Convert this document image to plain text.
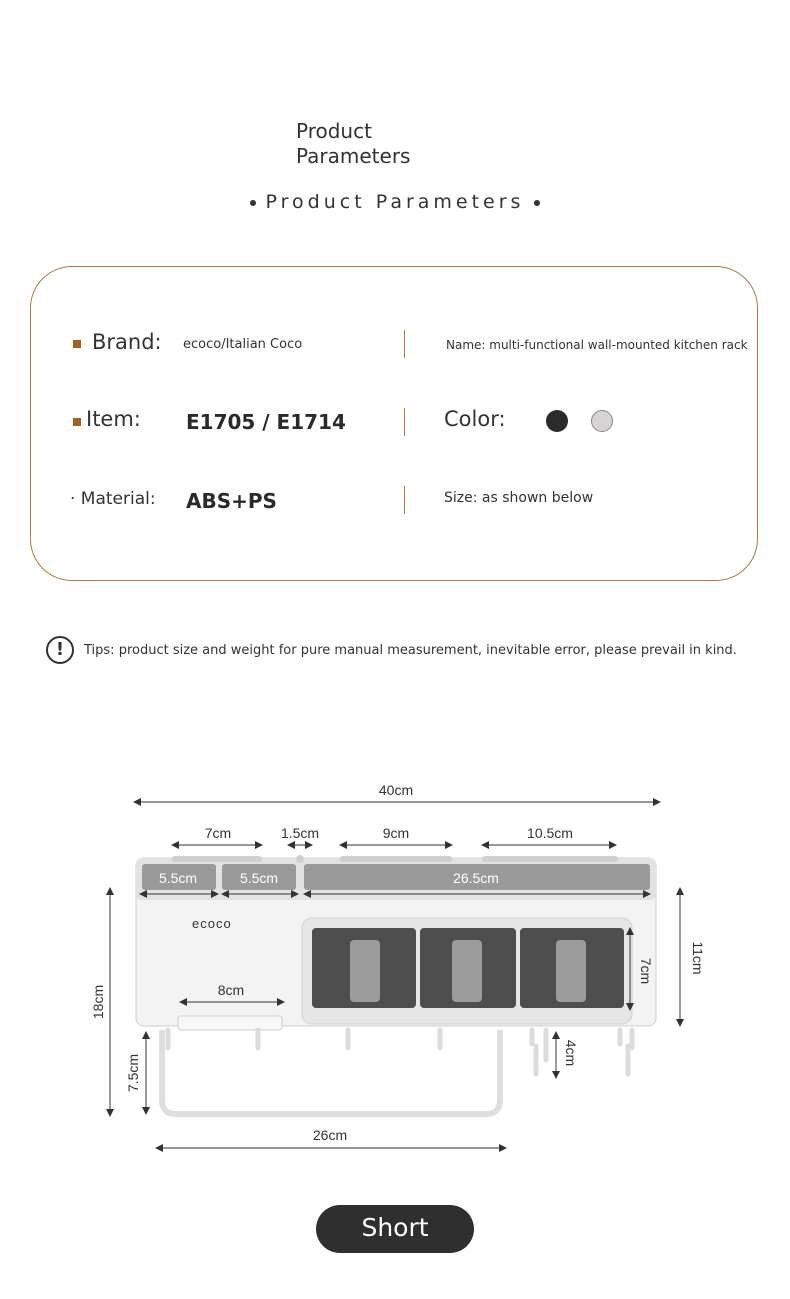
Product
Parameters
Product Parameters
Brand: ecoco/Italian Coco	Name: multi-functional wall-mounted kitchen rack
Item: E1705 / E1714	Color:
· Material: ABS+PS	Size: as shown below
!	Tips: product size and weight for pure manual measurement, inevitable error, please prevail in kind.
ecoco
40cm
7cm	1.5cm	9cm	10.5cm
5.5cm	5.5cm	26.5cm
18cm
11cm
7cm
4cm
8cm
7.5cm
26cm
Short
